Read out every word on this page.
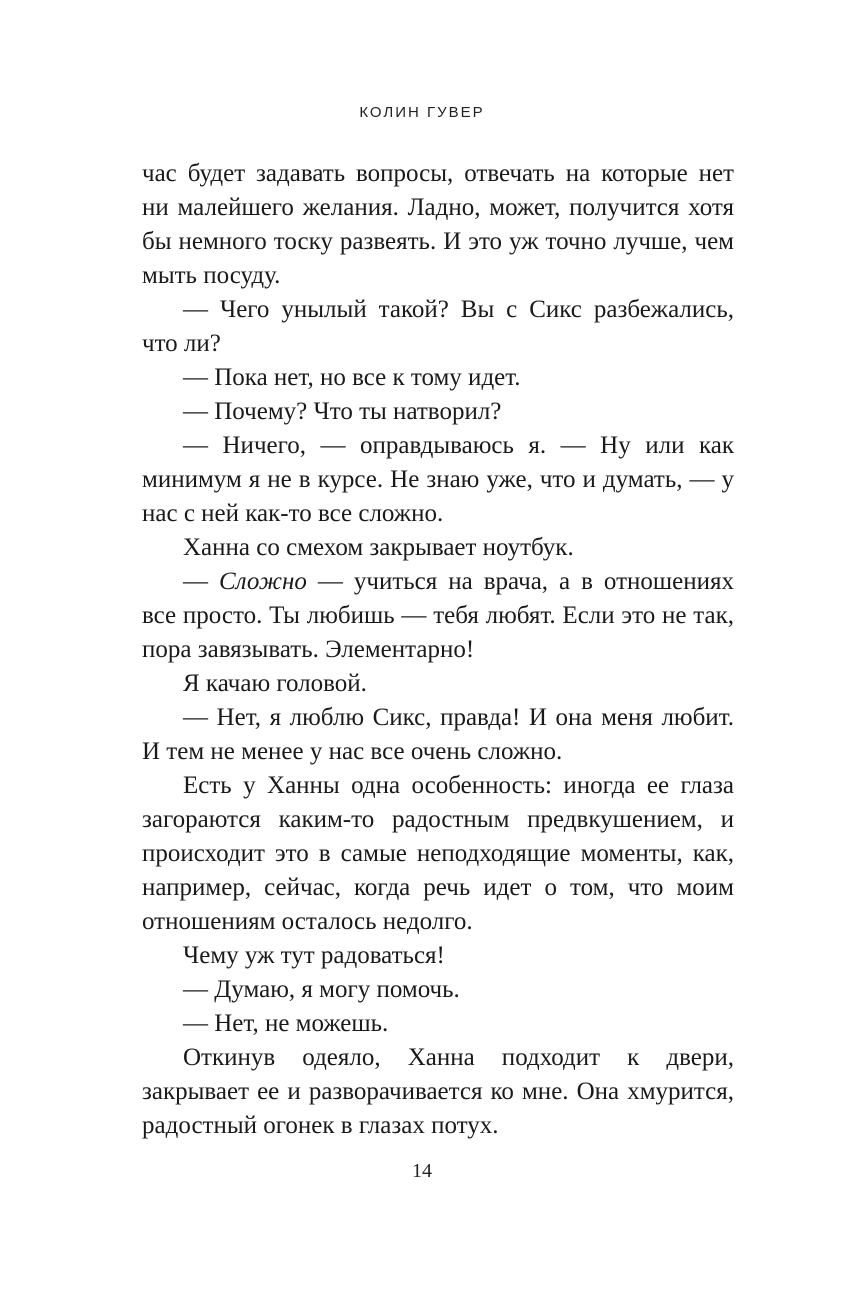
КОЛИН ГУВЕР

час будет задавать вопросы, отвечать на которые нет ни малейшего желания. Ладно, может, получится хотя бы немного тоску развеять. И это уж точно лучше, чем мыть посуду.

— Чего унылый такой? Вы с Сикс разбежались, что ли?

— Пока нет, но все к тому идет.

— Почему? Что ты натворил?

— Ничего, — оправдываюсь я. — Ну или как минимум я не в курсе. Не знаю уже, что и думать, — у нас с ней как-то все сложно.

Ханна со смехом закрывает ноутбук.

— Сложно — учиться на врача, а в отношениях все просто. Ты любишь — тебя любят. Если это не так, пора завязывать. Элементарно!

Я качаю головой.

— Нет, я люблю Сикс, правда! И она меня любит. И тем не менее у нас все очень сложно.

Есть у Ханны одна особенность: иногда ее глаза загораются каким-то радостным предвкушением, и происходит это в самые неподходящие моменты, как, например, сейчас, когда речь идет о том, что моим отношениям осталось недолго.

Чему уж тут радоваться!

— Думаю, я могу помочь.

— Нет, не можешь.

Откинув одеяло, Ханна подходит к двери, закрывает ее и разворачивается ко мне. Она хмурится, радостный огонек в глазах потух.

14
